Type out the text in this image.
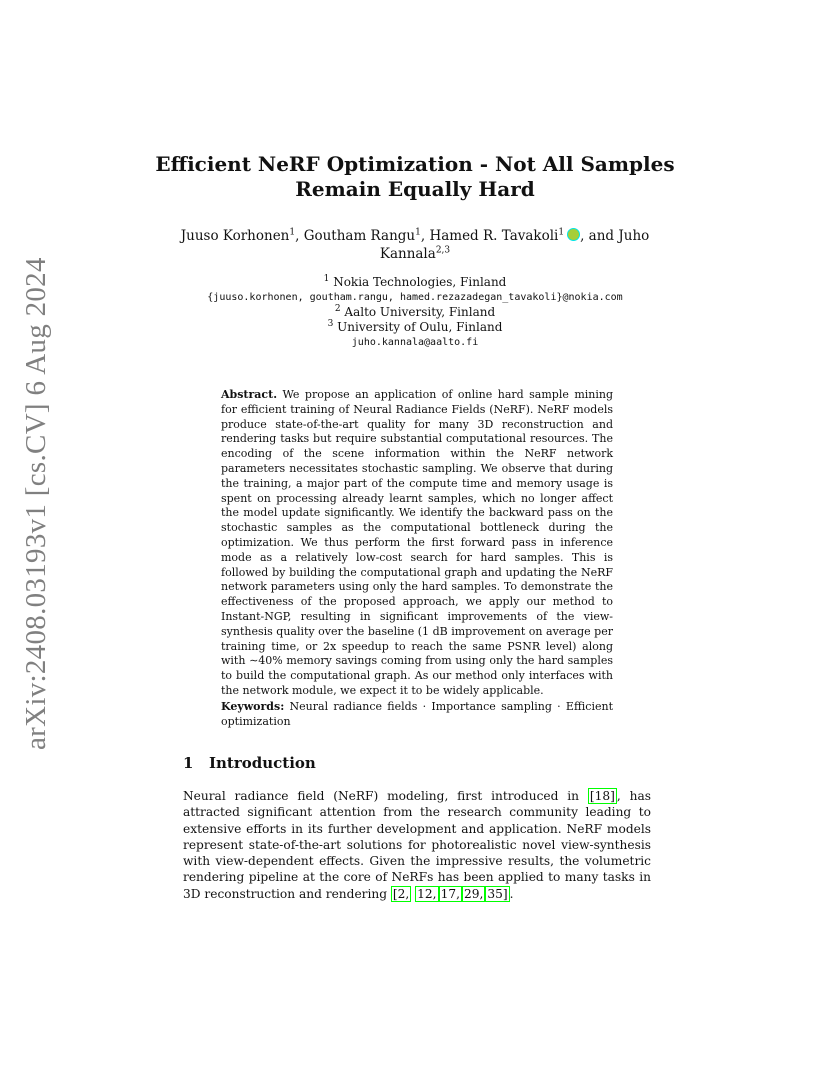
arXiv:2408.03193v1 [cs.CV] 6 Aug 2024
Efficient NeRF Optimization - Not All Samples
Remain Equally Hard
Juuso Korhonen$^1$, Goutham Rangu$^1$, Hamed R. Tavakoli$^1$ , and Juho
Kannala$^{2,3}$
$^1$ Nokia Technologies, Finland
{juuso.korhonen, goutham.rangu, hamed.rezazadegan_tavakoli}@nokia.com
$^2$ Aalto University, Finland
$^3$ University of Oulu, Finland
juho.kannala@aalto.fi
Abstract. We propose an application of online hard sample mining for efficient training of Neural Radiance Fields (NeRF). NeRF models produce state-of-the-art quality for many 3D reconstruction and rendering tasks but require substantial computational resources. The encoding of the scene information within the NeRF network parameters necessitates stochastic sampling. We observe that during the training, a major part of the compute time and memory usage is spent on processing already learnt samples, which no longer affect the model update significantly. We identify the backward pass on the stochastic samples as the computational bottleneck during the optimization. We thus perform the first forward pass in inference mode as a relatively low-cost search for hard samples. This is followed by building the computational graph and updating the NeRF network parameters using only the hard samples. To demonstrate the effectiveness of the proposed approach, we apply our method to Instant-NGP, resulting in significant improvements of the view-synthesis quality over the baseline (1 dB improvement on average per training time, or 2x speedup to reach the same PSNR level) along with ∼40% memory savings coming from using only the hard samples to build the computational graph. As our method only interfaces with the network module, we expect it to be widely applicable.
Keywords: Neural radiance fields · Importance sampling · Efficient optimization
1 Introduction
Neural radiance field (NeRF) modeling, first introduced in [18] , has attracted significant attention from the research community leading to extensive efforts in its further development and application. NeRF models represent state-of-the-art solutions for photorealistic novel view-synthesis with view-dependent effects. Given the impressive results, the volumetric rendering pipeline at the core of NeRFs has been applied to many tasks in 3D reconstruction and rendering [2, 12, 17, 29, 35] .
